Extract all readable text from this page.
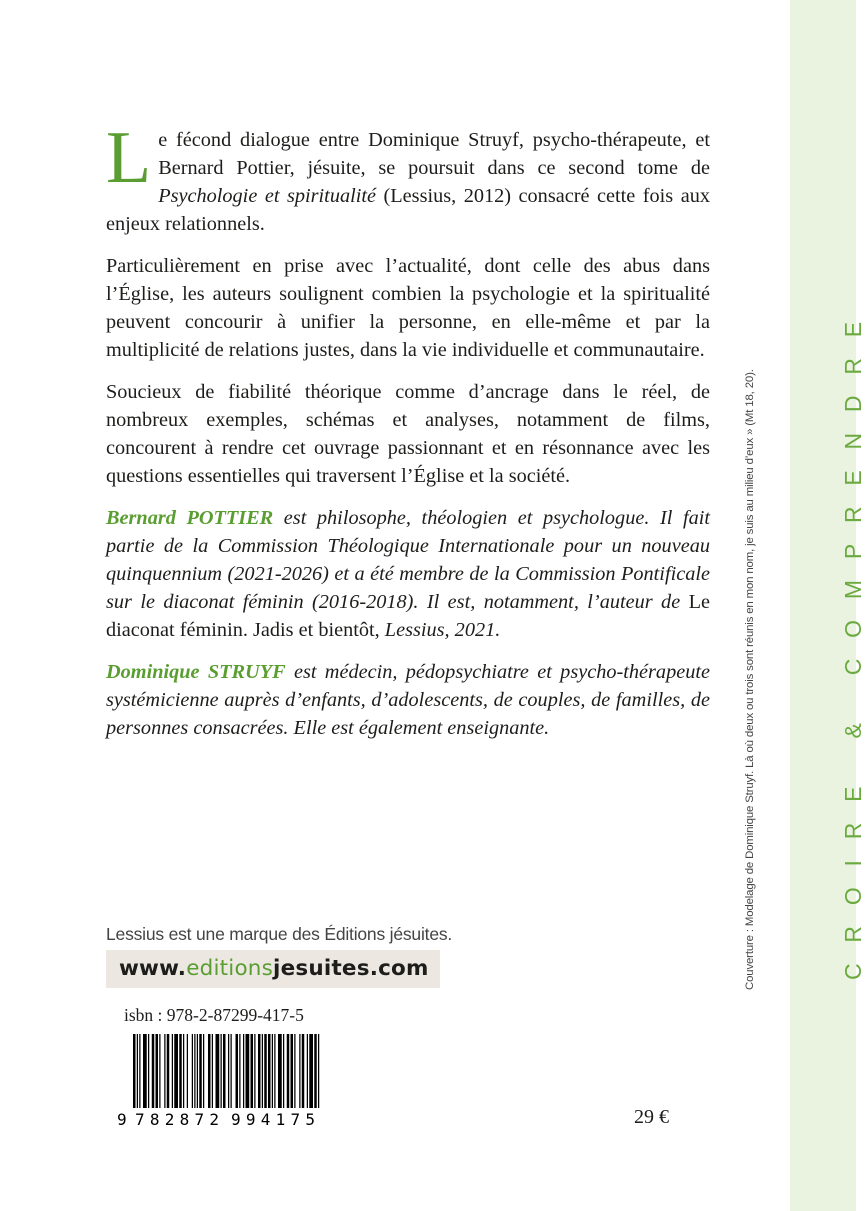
CROIRE & COMPRENDRE

Le fécond dialogue entre Dominique Struyf, psycho-thérapeute, et Bernard Pottier, jésuite, se poursuit dans ce second tome de Psychologie et spiritualité (Lessius, 2012) consacré cette fois aux enjeux relationnels.

Particulièrement en prise avec l’actualité, dont celle des abus dans l’Église, les auteurs soulignent combien la psychologie et la spiritualité peuvent concourir à unifier la personne, en elle-même et par la multiplicité de relations justes, dans la vie individuelle et communautaire.

Soucieux de fiabilité théorique comme d’ancrage dans le réel, de nombreux exemples, schémas et analyses, notamment de films, concourent à rendre cet ouvrage passionnant et en résonnance avec les questions essentielles qui traversent l’Église et la société.

Bernard POTTIER est philosophe, théologien et psychologue. Il fait partie de la Commission Théologique Internationale pour un nouveau quinquennium (2021-2026) et a été membre de la Commission Pontificale sur le diaconat féminin (2016-2018). Il est, notamment, l’auteur de Le diaconat féminin. Jadis et bientôt, Lessius, 2021.

Dominique STRUYF est médecin, pédopsychiatre et psycho-thérapeute systémicienne auprès d’enfants, d’adolescents, de couples, de familles, de personnes consacrées. Elle est également enseignante.

Lessius est une marque des Éditions jésuites.
www.editionsjesuites.com
isbn : 978-2-87299-417-5
9 782872 994175	29 €
Couverture : Modelage de Dominique Struyf. Là où deux ou trois sont réunis en mon nom, je suis au milieu d’eux » (Mt 18, 20).
